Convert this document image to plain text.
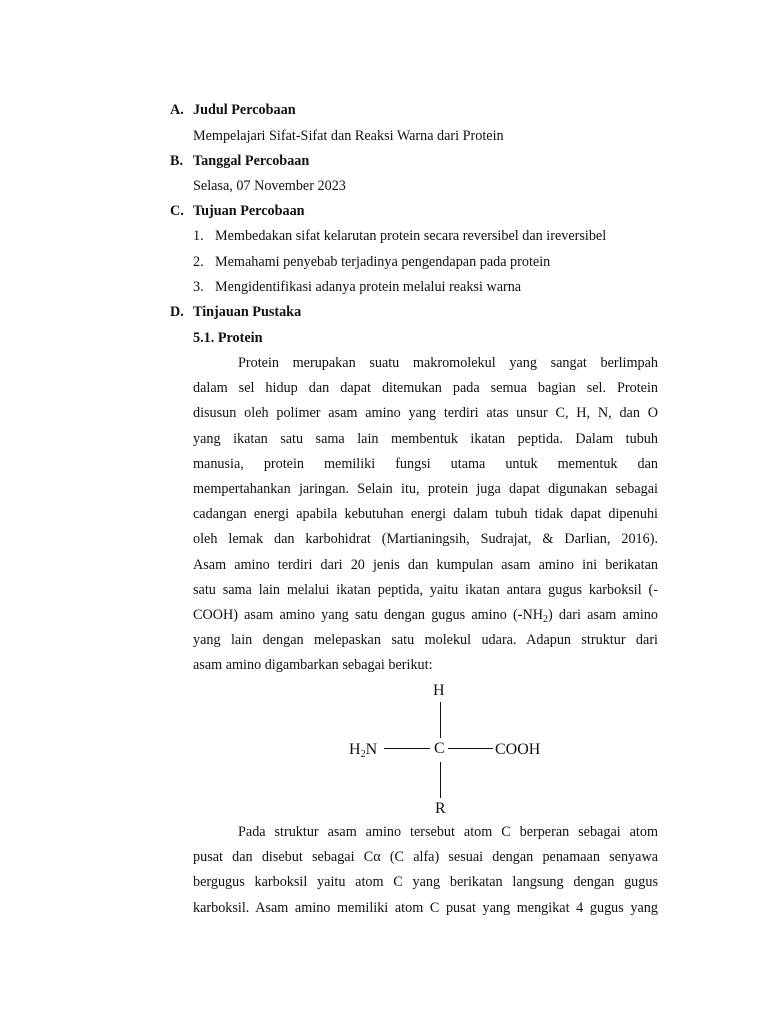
A. Judul Percobaan
Mempelajari Sifat-Sifat dan Reaksi Warna dari Protein
B. Tanggal Percobaan
Selasa, 07 November 2023
C. Tujuan Percobaan
1. Membedakan sifat kelarutan protein secara reversibel dan ireversibel
2. Memahami penyebab terjadinya pengendapan pada protein
3. Mengidentifikasi adanya protein melalui reaksi warna
D. Tinjauan Pustaka
5.1. Protein
Protein merupakan suatu makromolekul yang sangat berlimpah
dalam sel hidup dan dapat ditemukan pada semua bagian sel. Protein
disusun oleh polimer asam amino yang terdiri atas unsur C, H, N, dan O
yang ikatan satu sama lain membentuk ikatan peptida. Dalam tubuh
manusia, protein memiliki fungsi utama untuk mementuk dan
mempertahankan jaringan. Selain itu, protein juga dapat digunakan sebagai
cadangan energi apabila kebutuhan energi dalam tubuh tidak dapat dipenuhi
oleh lemak dan karbohidrat (Martianingsih, Sudrajat, & Darlian, 2016).
Asam amino terdiri dari 20 jenis dan kumpulan asam amino ini berikatan
satu sama lain melalui ikatan peptida, yaitu ikatan antara gugus karboksil (-
COOH) asam amino yang satu dengan gugus amino $(-NH_2)$ dari asam amino
yang lain dengan melepaskan satu molekul udara. Adapun struktur dari
asam amino digambarkan sebagai berikut:
H
$H_2N$	C	COOH
R
Pada struktur asam amino tersebut atom C berperan sebagai atom
pusat dan disebut sebagai Cα (C alfa) sesuai dengan penamaan senyawa
bergugus karboksil yaitu atom C yang berikatan langsung dengan gugus
karboksil. Asam amino memiliki atom C pusat yang mengikat 4 gugus yang
